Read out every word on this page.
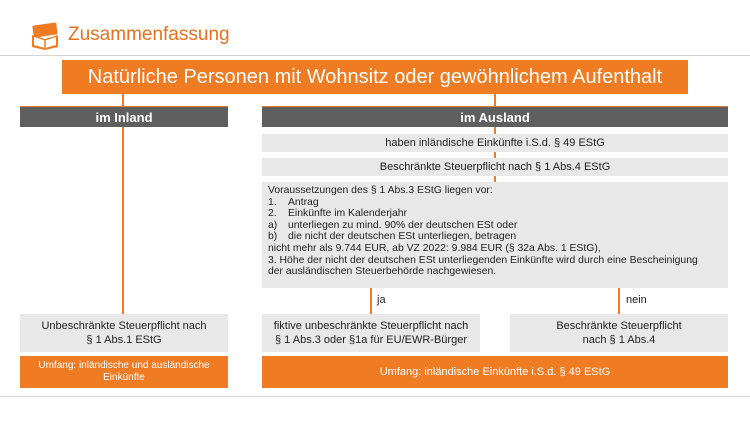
Zusammenfassung
Natürliche Personen mit Wohnsitz oder gewöhnlichem Aufenthalt
im Inland	im Ausland
haben inländische Einkünfte i.S.d. § 49 EStG
Beschränkte Steuerpflicht nach § 1 Abs.4 EStG
Voraussetzungen des § 1 Abs.3 EStG liegen vor:
1. Antrag
2. Einkünfte im Kalenderjahr
a) unterliegen zu mind. 90% der deutschen ESt oder
b) die nicht der deutschen ESt unterliegen, betragen
nicht mehr als 9.744 EUR, ab VZ 2022: 9.984 EUR (§ 32a Abs. 1 EStG),
3. Höhe der nicht der deutschen ESt unterliegenden Einkünfte wird durch eine Bescheinigung
der ausländischen Steuerbehörde nachgewiesen.
ja	nein
Unbeschränkte Steuerpflicht nach
§ 1 Abs.1 EStG
fiktive unbeschränkte Steuerpflicht nach
§ 1 Abs.3 oder §1a für EU/EWR-Bürger
Beschränkte Steuerpflicht
nach § 1 Abs.4
Umfang: inländische und ausländische
Einkünfte	Umfang: inländische Einkünfte i.S.d. § 49 EStG
